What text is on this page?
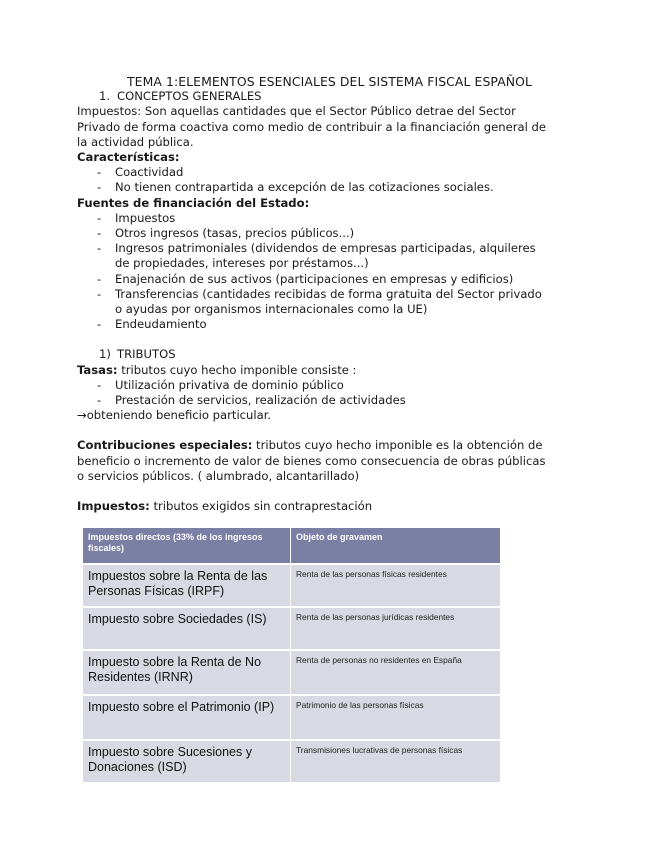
TEMA 1:ELEMENTOS ESENCIALES DEL SISTEMA FISCAL ESPAÑOL

1. CONCEPTOS GENERALES

Impuestos: Son aquellas cantidades que el Sector Público detrae del Sector

Privado de forma coactiva como medio de contribuir a la financiación general de

la actividad pública.

Características:

- Coactividad
- No tienen contrapartida a excepción de las cotizaciones sociales.

Fuentes de financiación del Estado:

- Impuestos
- Otros ingresos (tasas, precios públicos...)
- Ingresos patrimoniales (dividendos de empresas participadas, alquileres
de propiedades, intereses por préstamos...)
- Enajenación de sus activos (participaciones en empresas y edificios)
- Transferencias (cantidades recibidas de forma gratuita del Sector privado
o ayudas por organismos internacionales como la UE)
- Endeudamiento

1) TRIBUTOS

Tasas: tributos cuyo hecho imponible consiste :

- Utilización privativa de dominio público
- Prestación de servicios, realización de actividades

→obteniendo beneficio particular.

Contribuciones especiales: tributos cuyo hecho imponible es la obtención de

beneficio o incremento de valor de bienes como consecuencia de obras públicas

o servicios públicos. ( alumbrado, alcantarillado)

Impuestos: tributos exigidos sin contraprestación

Impuestos directos (33% de los ingresos fiscales)	Objeto de gravamen
Impuestos sobre la Renta de las Personas Físicas (IRPF)	Renta de las personas físicas residentes
Impuesto sobre Sociedades (IS)	Renta de las personas jurídicas residentes
Impuesto sobre la Renta de No Residentes (IRNR)	Renta de personas no residentes en España
Impuesto sobre el Patrimonio (IP)	Patrimonio de las personas físicas
Impuesto sobre Sucesiones y Donaciones (ISD)	Transmisiones lucrativas de personas físicas
